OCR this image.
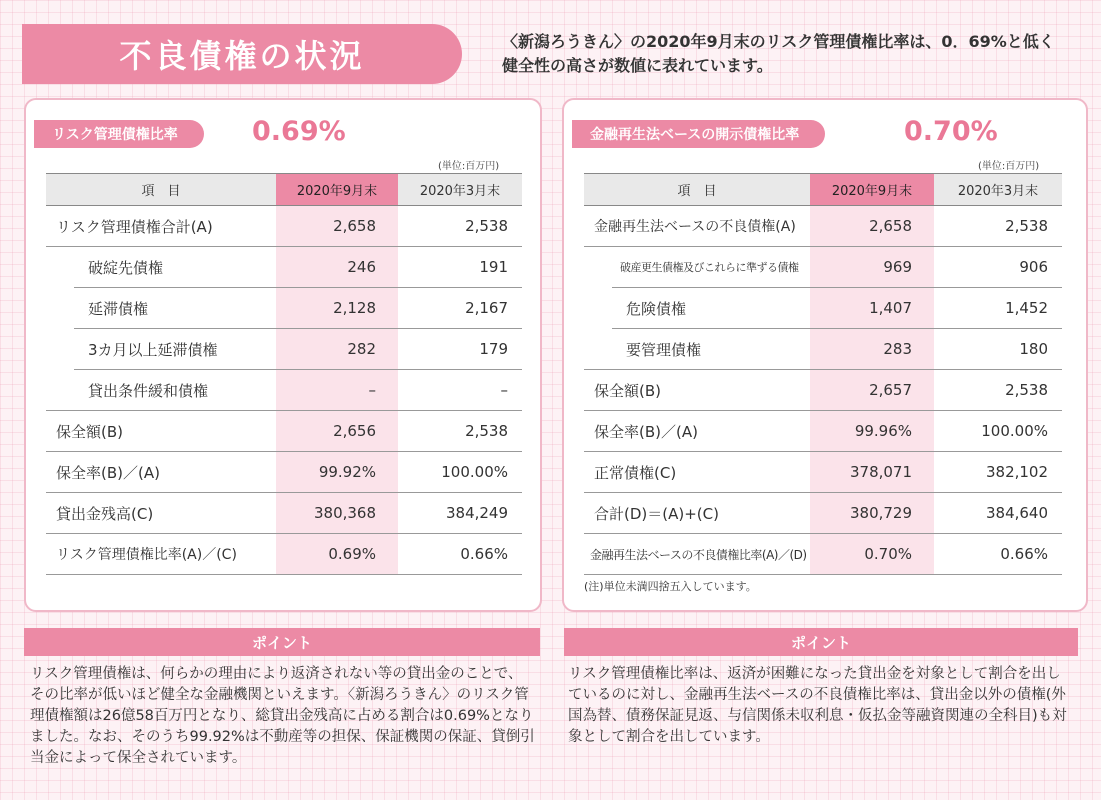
不良債権の状況	〈新潟ろうきん〉の2020年9月末のリスク管理債権比率は、0．69%と低く健全性の高さが数値に表れています。
リスク管理債権比率	0.69%
(単位:百万円)
項　目		2020年9月末	2020年3月末

リスク管理債権合計(A)		2,658	2,538

破綻先債権	246	191

延滞債権	2,128	2,167

3カ月以上延滞債権	282	179

貸出条件緩和債権	–	–

保全額(B)		2,656	2,538

保全率(B)／(A)		99.92%	100.00%

貸出金残高(C)		380,368	384,249

リスク管理債権比率(A)／(C)		0.69%	0.66%
金融再生法ベースの開示債権比率	0.70%
(単位:百万円)
項　目		2020年9月末	2020年3月末

金融再生法ベースの不良債権(A)		2,658	2,538

破産更生債権及びこれらに準ずる債権	969	906

危険債権	1,407	1,452

要管理債権	283	180

保全額(B)		2,657	2,538

保全率(B)／(A)		99.96%	100.00%

正常債権(C)		378,071	382,102

合計(D)＝(A)+(C)		380,729	384,640

金融再生法ベースの不良債権比率(A)／(D)		0.70%	0.66%
(注)単位未満四捨五入しています。
ポイント
リスク管理債権は、何らかの理由により返済されない等の貸出金のことで、その比率が低いほど健全な金融機関といえます。〈新潟ろうきん〉のリスク管理債権額は26億58百万円となり、総貸出金残高に占める割合は0.69%となりました。なお、そのうち99.92%は不動産等の担保、保証機関の保証、貸倒引当金によって保全されています。
ポイント
リスク管理債権比率は、返済が困難になった貸出金を対象として割合を出しているのに対し、金融再生法ベースの不良債権比率は、貸出金以外の債権(外国為替、債務保証見返、与信関係未収利息・仮払金等融資関連の全科目)も対象として割合を出しています。
